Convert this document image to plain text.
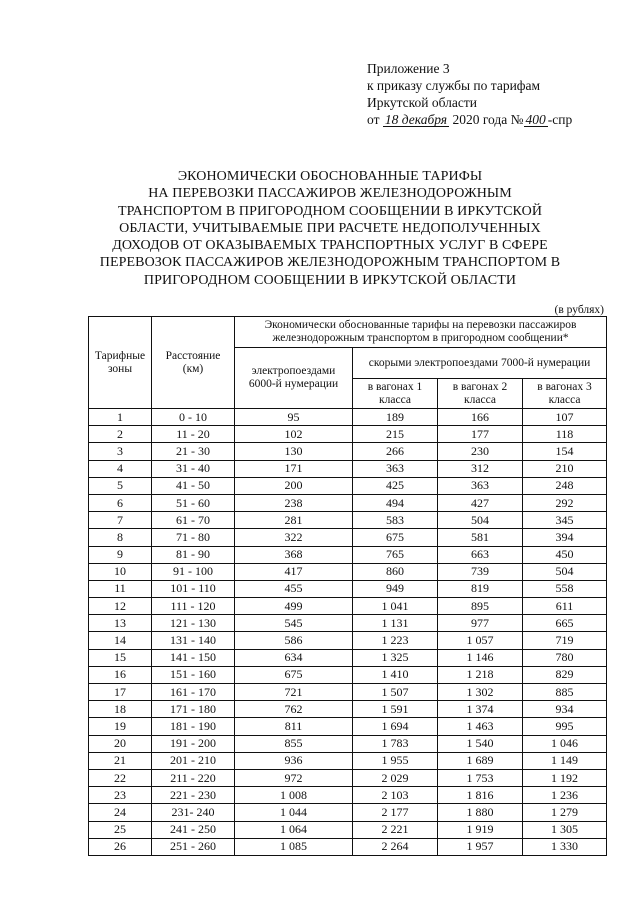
Приложение 3
к приказу службы по тарифам
Иркутской области
от 18 декабря 2020 года № 400 -спр
ЭКОНОМИЧЕСКИ ОБОСНОВАННЫЕ ТАРИФЫ
НА ПЕРЕВОЗКИ ПАССАЖИРОВ ЖЕЛЕЗНОДОРОЖНЫМ
ТРАНСПОРТОМ В ПРИГОРОДНОМ СООБЩЕНИИ В ИРКУТСКОЙ
ОБЛАСТИ, УЧИТЫВАЕМЫЕ ПРИ РАСЧЕТЕ НЕДОПОЛУЧЕННЫХ
ДОХОДОВ ОТ ОКАЗЫВАЕМЫХ ТРАНСПОРТНЫХ УСЛУГ В СФЕРЕ
ПЕРЕВОЗОК ПАССАЖИРОВ ЖЕЛЕЗНОДОРОЖНЫМ ТРАНСПОРТОМ В
ПРИГОРОДНОМ СООБЩЕНИИ В ИРКУТСКОЙ ОБЛАСТИ
(в рублях)
Тарифные зоны	Расстояние (км)	Экономически обоснованные тарифы на перевозки пассажиров железнодорожным транспортом в пригородном сообщении*			
		электропоездами 6000-й нумерации	скорыми электропоездами 7000-й нумерации		
			в вагонах 1 класса	в вагонах 2 класса	в вагонах 3 класса
1	0 - 10	95	189	166	107
2	11 - 20	102	215	177	118
3	21 - 30	130	266	230	154
4	31 - 40	171	363	312	210
5	41 - 50	200	425	363	248
6	51 - 60	238	494	427	292
7	61 - 70	281	583	504	345
8	71 - 80	322	675	581	394
9	81 - 90	368	765	663	450
10	91 - 100	417	860	739	504
11	101 - 110	455	949	819	558
12	111 - 120	499	1 041	895	611
13	121 - 130	545	1 131	977	665
14	131 - 140	586	1 223	1 057	719
15	141 - 150	634	1 325	1 146	780
16	151 - 160	675	1 410	1 218	829
17	161 - 170	721	1 507	1 302	885
18	171 - 180	762	1 591	1 374	934
19	181 - 190	811	1 694	1 463	995
20	191 - 200	855	1 783	1 540	1 046
21	201 - 210	936	1 955	1 689	1 149
22	211 - 220	972	2 029	1 753	1 192
23	221 - 230	1 008	2 103	1 816	1 236
24	231- 240	1 044	2 177	1 880	1 279
25	241 - 250	1 064	2 221	1 919	1 305
26	251 - 260	1 085	2 264	1 957	1 330
